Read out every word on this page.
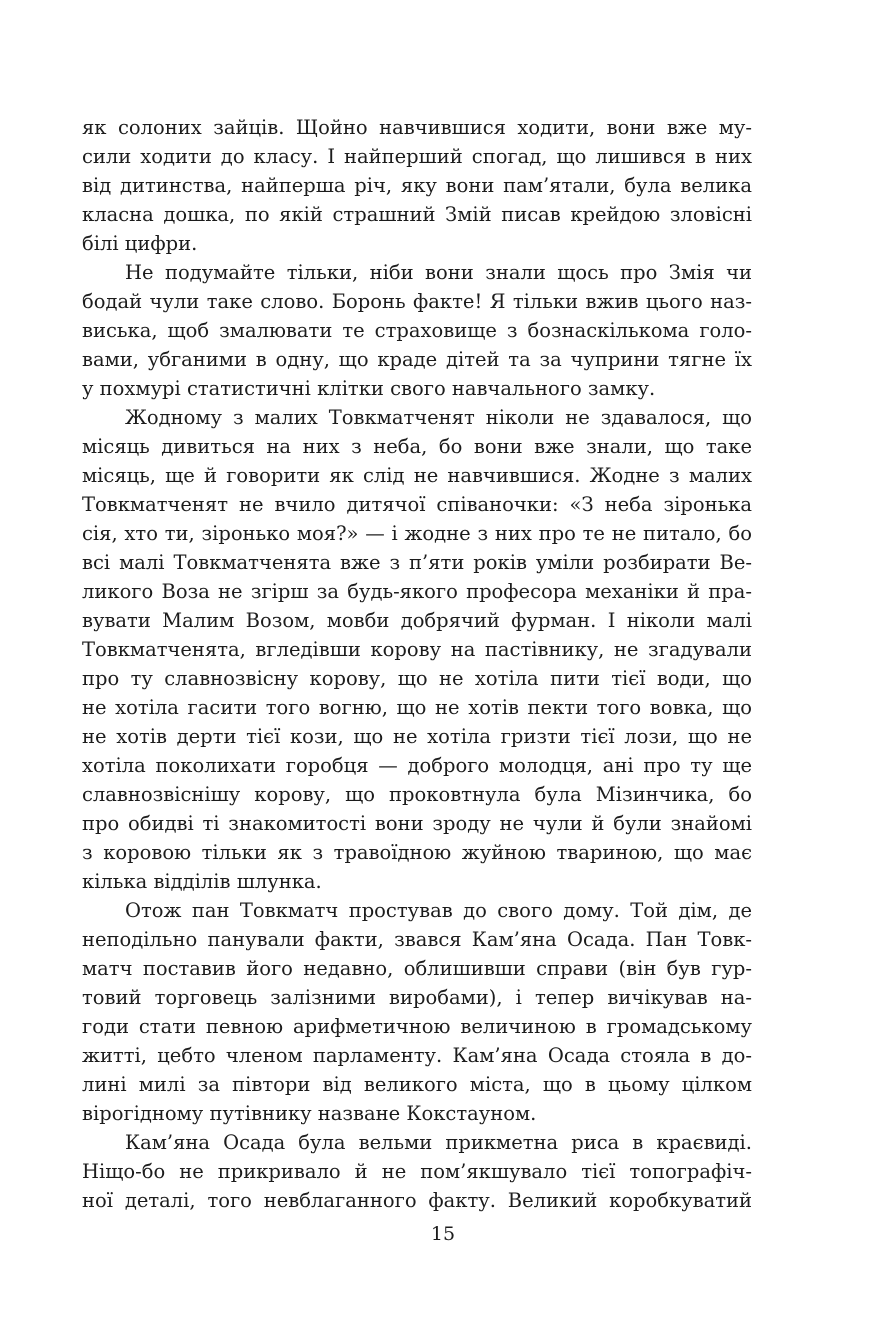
як солоних зайців. Щойно навчившися ходити, вони вже му-
сили ходити до класу. І найперший спогад, що лишився в них
від дитинства, найперша річ, яку вони пам’ятали, була велика
класна дошка, по якій страшний Змій писав крейдою зловісні
білі цифри.
Не подумайте тільки, ніби вони знали щось про Змія чи
бодай чули таке слово. Боронь факте! Я тільки вжив цього наз-
виська, щоб змалювати те страховище з бознаскількома голо-
вами, убганими в одну, що краде дітей та за чуприни тягне їх
у похмурі статистичні клітки свого навчального замку.
Жодному з малих Товкматченят ніколи не здавалося, що
місяць дивиться на них з неба, бо вони вже знали, що таке
місяць, ще й говорити як слід не навчившися. Жодне з малих
Товкматченят не вчило дитячої співаночки: «З неба зіронька
сія, хто ти, зіронько моя?» — і жодне з них про те не питало, бо
всі малі Товкматченята вже з п’яти років уміли розбирати Ве-
ликого Воза не згірш за будь-якого професора механіки й пра-
вувати Малим Возом, мовби добрячий фурман. І ніколи малі
Товкматченята, вгледівши корову на пастівнику, не згадували
про ту славнозвісну корову, що не хотіла пити тієї води, що
не хотіла гасити того вогню, що не хотів пекти того вовка, що
не хотів дерти тієї кози, що не хотіла гризти тієї лози, що не
хотіла поколихати горобця — доброго молодця, ані про ту ще
славнозвіснішу корову, що проковтнула була Мізинчика, бо
про обидві ті знакомитості вони зроду не чули й були знайомі
з коровою тільки як з травоїдною жуйною твариною, що має
кілька відділів шлунка.
Отож пан Товкматч простував до свого дому. Той дім, де
неподільно панували факти, звався Кам’яна Осада. Пан Товк-
матч поставив його недавно, облишивши справи (він був гур-
товий торговець залізними виробами), і тепер вичікував на-
годи стати певною арифметичною величиною в громадському
житті, цебто членом парламенту. Кам’яна Осада стояла в до-
лині милі за півтори від великого міста, що в цьому цілком
вірогідному путівнику назване Кокстауном.
Кам’яна Осада була вельми прикметна риса в краєвиді.
Ніщо-бо не прикривало й не пом’якшувало тієї топографіч-
ної деталі, того невблаганного факту. Великий коробкуватий
15
